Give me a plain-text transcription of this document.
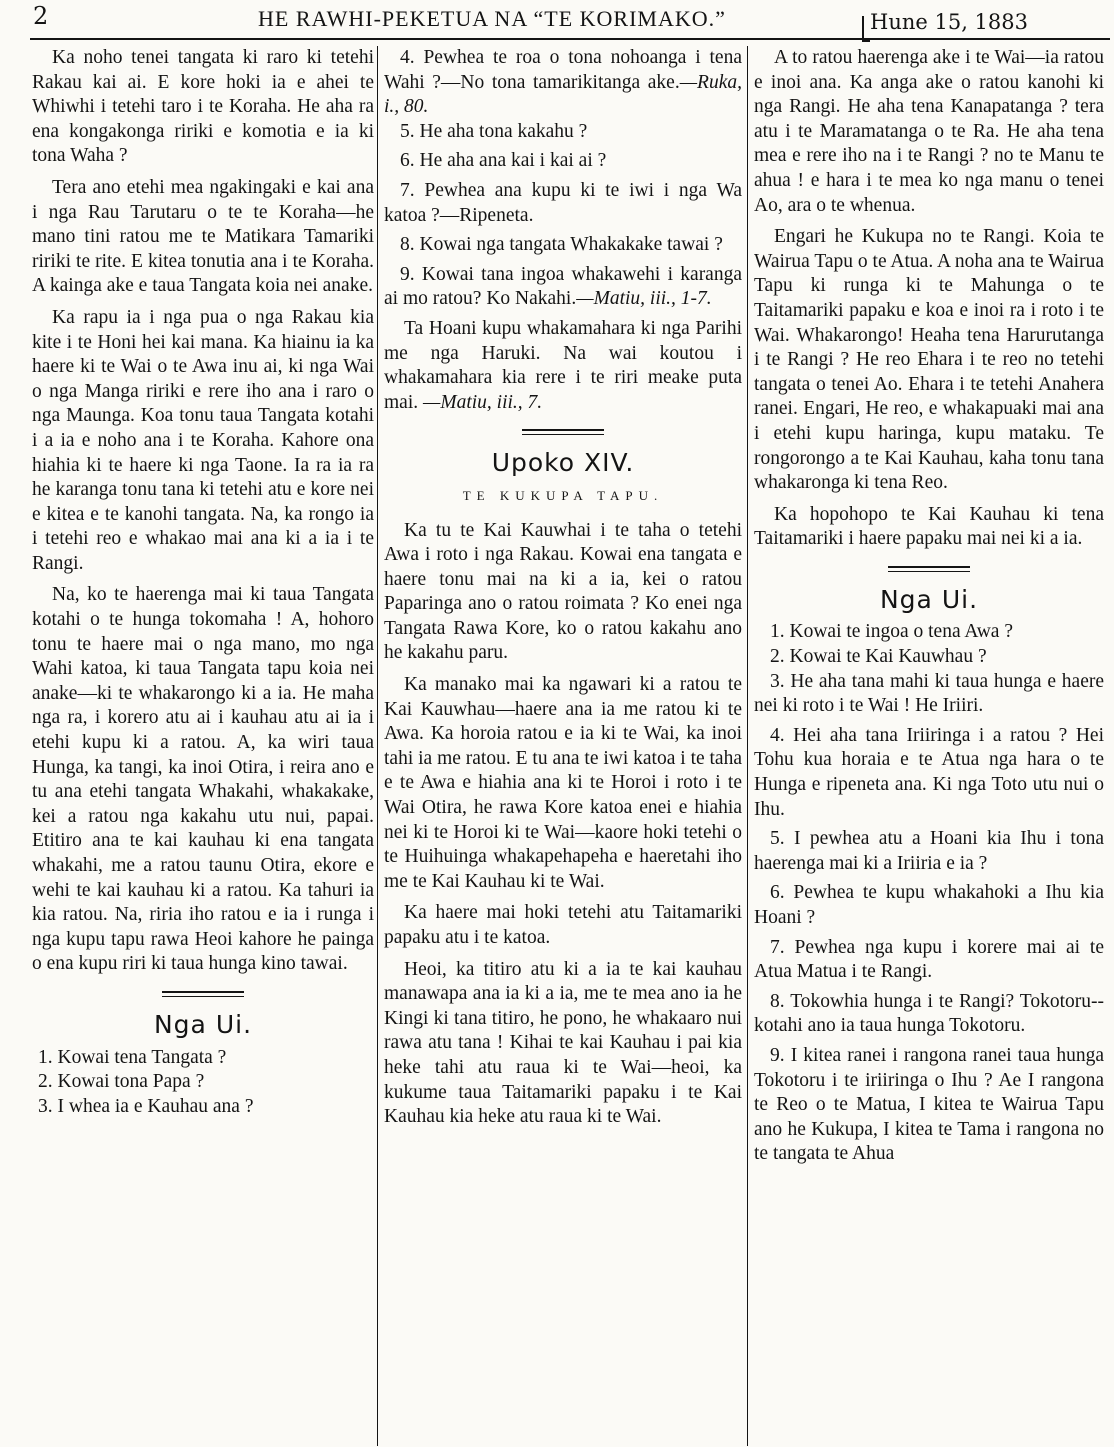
2	HE RAWHI-PEKETUA NA “TE KORIMAKO.”	Hune 15, 1883

Ka noho tenei tangata ki raro ki tetehi Rakau kai ai. E kore hoki ia e ahei te Whiwhi i tetehi taro i te Koraha. He aha ra ena kongakonga ririki e komotia e ia ki tona Waha ?

Tera ano etehi mea ngakingaki e kai ana i nga Rau Tarutaru o te te Koraha—he mano tini ratou me te Matikara Tamariki ririki te rite. E kitea tonutia ana i te Koraha. A kainga ake e taua Tangata koia nei anake.

Ka rapu ia i nga pua o nga Rakau kia kite i te Honi hei kai mana. Ka hiainu ia ka haere ki te Wai o te Awa inu ai, ki nga Wai o nga Manga ririki e rere iho ana i raro o nga Maunga. Koa tonu taua Tangata kotahi i a ia e noho ana i te Koraha. Kahore ona hiahia ki te haere ki nga Taone. Ia ra ia ra he karanga tonu tana ki tetehi atu e kore nei e kitea e te kanohi tangata. Na, ka rongo ia i tetehi reo e whakao mai ana ki a ia i te Rangi.

Na, ko te haerenga mai ki taua Tangata kotahi o te hunga tokomaha ! A, hohoro tonu te haere mai o nga mano, mo nga Wahi katoa, ki taua Tangata tapu koia nei anake—ki te whakarongo ki a ia. He maha nga ra, i korero atu ai i kauhau atu ai ia i etehi kupu ki a ratou. A, ka wiri taua Hunga, ka tangi, ka inoi Otira, i reira ano e tu ana etehi tangata Whakahi, whakakake, kei a ratou nga kakahu utu nui, papai. Etitiro ana te kai kauhau ki ena tangata whakahi, me a ratou taunu Otira, ekore e wehi te kai kauhau ki a ratou. Ka tahuri ia kia ratou. Na, riria iho ratou e ia i runga i nga kupu tapu rawa Heoi kahore he painga o ena kupu riri ki taua hunga kino tawai.

Nga Ui.
1. Kowai tena Tangata ?
2. Kowai tona Papa ?
3. I whea ia e Kauhau ana ?

4. Pewhea te roa o tona nohoanga i tena Wahi ?—No tona tamarikitanga ake.—Ruka, i., 80.

5. He aha tona kakahu ?

6. He aha ana kai i kai ai ?

7. Pewhea ana kupu ki te iwi i nga Wa katoa ?—Ripeneta.

8. Kowai nga tangata Whakakake tawai ?

9. Kowai tana ingoa whakawehi i karanga ai mo ratou? Ko Nakahi.—Matiu, iii., 1-7.

Ta Hoani kupu whakamahara ki nga Parihi me nga Haruki. Na wai koutou i whakamahara kia rere i te riri meake puta mai. —Matiu, iii., 7.

Upoko XIV.
TE KUKUPA TAPU.

Ka tu te Kai Kauwhai i te taha o tetehi Awa i roto i nga Rakau. Kowai ena tangata e haere tonu mai na ki a ia, kei o ratou Paparinga ano o ratou roimata ? Ko enei nga Tangata Rawa Kore, ko o ratou kakahu ano he kakahu paru.

Ka manako mai ka ngawari ki a ratou te Kai Kauwhau—haere ana ia me ratou ki te Awa. Ka horoia ratou e ia ki te Wai, ka inoi tahi ia me ratou. E tu ana te iwi katoa i te taha e te Awa e hiahia ana ki te Horoi i roto i te Wai Otira, he rawa Kore katoa enei e hiahia nei ki te Horoi ki te Wai—kaore hoki tetehi o te Huihuinga whakapehapeha e haeretahi iho me te Kai Kauhau ki te Wai.

Ka haere mai hoki tetehi atu Taitamariki papaku atu i te katoa.

Heoi, ka titiro atu ki a ia te kai kauhau manawapa ana ia ki a ia, me te mea ano ia he Kingi ki tana titiro, he pono, he whakaaro nui rawa atu tana ! Kihai te kai Kauhau i pai kia heke tahi atu raua ki te Wai—heoi, ka kukume taua Taitamariki papaku i te Kai Kauhau kia heke atu raua ki te Wai.

A to ratou haerenga ake i te Wai—ia ratou e inoi ana. Ka anga ake o ratou kanohi ki nga Rangi. He aha tena Kanapatanga ? tera atu i te Maramatanga o te Ra. He aha tena mea e rere iho na i te Rangi ? no te Manu te ahua ! e hara i te mea ko nga manu o tenei Ao, ara o te whenua.

Engari he Kukupa no te Rangi. Koia te Wairua Tapu o te Atua. A noha ana te Wairua Tapu ki runga ki te Mahunga o te Taitamariki papaku e koa e inoi ra i roto i te Wai. Whakarongo! Heaha tena Harurutanga i te Rangi ? He reo Ehara i te reo no tetehi tangata o tenei Ao. Ehara i te tetehi Anahera ranei. Engari, He reo, e whakapuaki mai ana i etehi kupu haringa, kupu mataku. Te rongorongo a te Kai Kauhau, kaha tonu tana whakaronga ki tena Reo.

Ka hopohopo te Kai Kauhau ki tena Taitamariki i haere papaku mai nei ki a ia.

Nga Ui.

1. Kowai te ingoa o tena Awa ?

2. Kowai te Kai Kauwhau ?

3. He aha tana mahi ki taua hunga e haere nei ki roto i te Wai ! He Iriiri.

4. Hei aha tana Iriiringa i a ratou ? Hei Tohu kua horaia e te Atua nga hara o te Hunga e ripeneta ana. Ki nga Toto utu nui o Ihu.

5. I pewhea atu a Hoani kia Ihu i tona haerenga mai ki a Iriiria e ia ?

6. Pewhea te kupu whakahoki a Ihu kia Hoani ?

7. Pewhea nga kupu i korere mai ai te Atua Matua i te Rangi.

8. Tokowhia hunga i te Rangi? Tokotoru--kotahi ano ia taua hunga Tokotoru.

9. I kitea ranei i rangona ranei taua hunga Tokotoru i te iriiringa o Ihu ? Ae I rangona te Reo o te Matua, I kitea te Wairua Tapu ano he Kukupa, I kitea te Tama i rangona no te tangata te Ahua
